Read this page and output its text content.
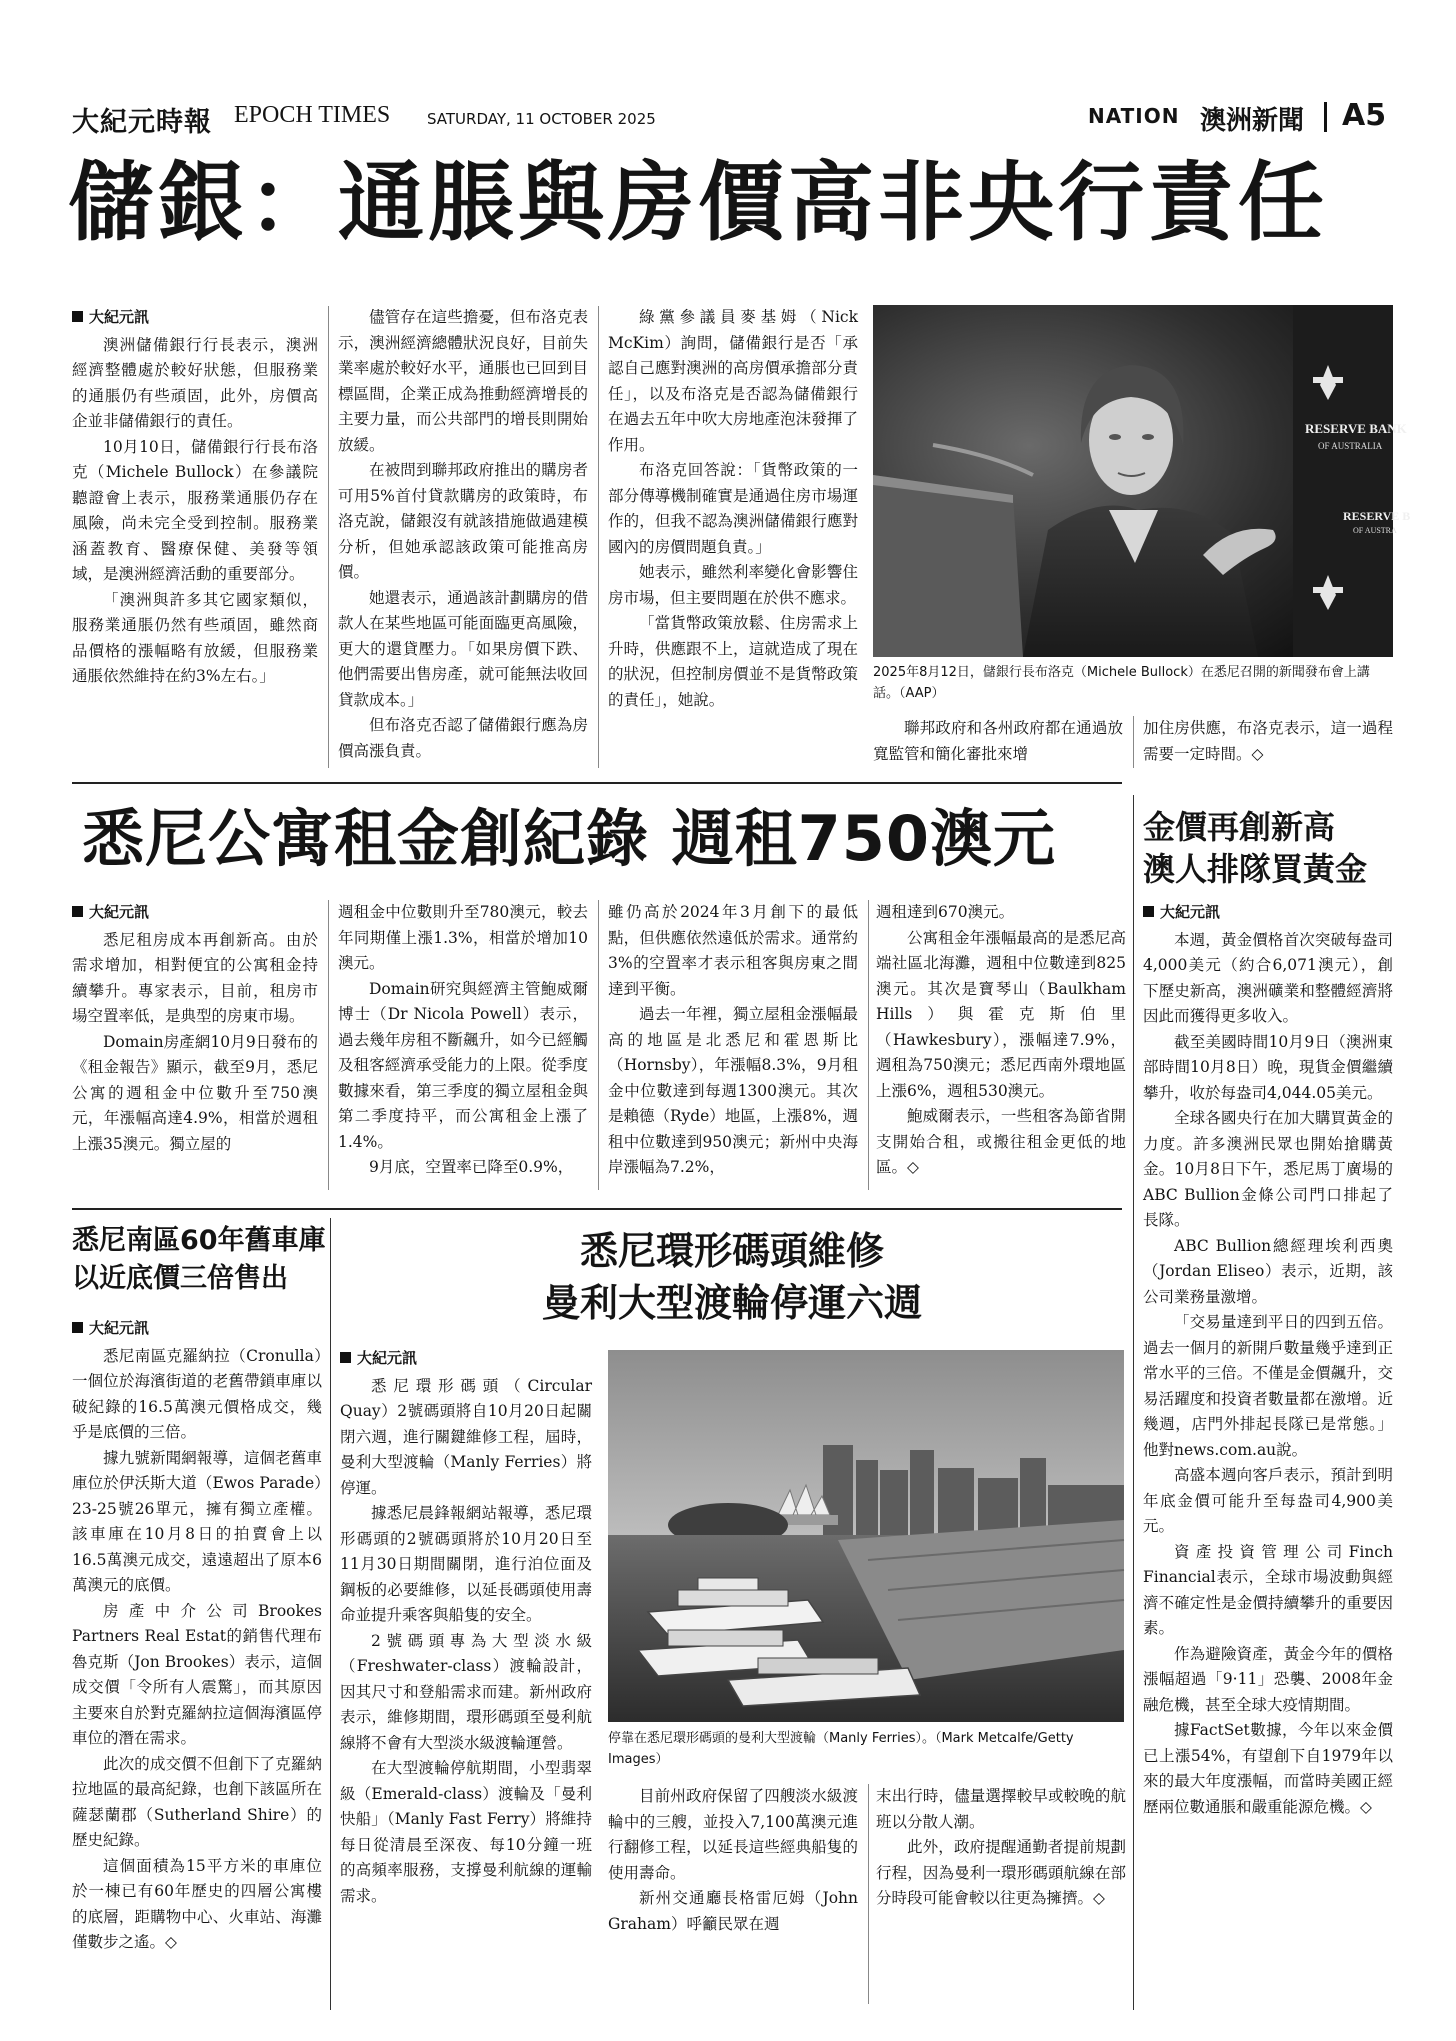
大紀元時報 EPOCH TIMES SATURDAY, 11 OCTOBER 2025	NATION 澳洲新聞 A5
儲銀：通脹與房價高非央行責任
大紀元訊

澳洲儲備銀行行長表示，澳洲經濟整體處於較好狀態，但服務業的通脹仍有些頑固，此外，房價高企並非儲備銀行的責任。

10月10日，儲備銀行行長布洛克（Michele Bullock）在參議院聽證會上表示，服務業通脹仍存在風險，尚未完全受到控制。服務業涵蓋教育、醫療保健、美發等領域，是澳洲經濟活動的重要部分。

「澳洲與許多其它國家類似，服務業通脹仍然有些頑固，雖然商品價格的漲幅略有放緩，但服務業通脹依然維持在約3%左右。」

儘管存在這些擔憂，但布洛克表示，澳洲經濟總體狀況良好，目前失業率處於較好水平，通脹也已回到目標區間，企業正成為推動經濟增長的主要力量，而公共部門的增長則開始放緩。

在被問到聯邦政府推出的購房者可用5%首付貸款購房的政策時，布洛克說，儲銀沒有就該措施做過建模分析，但她承認該政策可能推高房價。

她還表示，通過該計劃購房的借款人在某些地區可能面臨更高風險，更大的還貸壓力。「如果房價下跌、他們需要出售房產，就可能無法收回貸款成本。」

但布洛克否認了儲備銀行應為房價高漲負責。

綠黨參議員麥基姆（Nick McKim）詢問，儲備銀行是否「承認自己應對澳洲的高房價承擔部分責任」，以及布洛克是否認為儲備銀行在過去五年中吹大房地產泡沫發揮了作用。

布洛克回答說：「貨幣政策的一部分傳導機制確實是通過住房市場運作的，但我不認為澳洲儲備銀行應對國內的房價問題負責。」

她表示，雖然利率變化會影響住房市場，但主要問題在於供不應求。

「當貨幣政策放鬆、住房需求上升時，供應跟不上，這就造成了現在的狀況，但控制房價並不是貨幣政策的責任」，她說。

RESERVE BANK
OF AUSTRALIA
RESERVE B
OF AUSTRA
2025年8月12日，儲銀行長布洛克（Michele Bullock）在悉尼召開的新聞發布會上講話。（AAP）

聯邦政府和各州政府都在通過放寬監管和簡化審批來增

加住房供應，布洛克表示，這一過程需要一定時間。◇

悉尼公寓租金創紀錄 週租750澳元
大紀元訊

悉尼租房成本再創新高。由於需求增加，相對便宜的公寓租金持續攀升。專家表示，目前，租房市場空置率低，是典型的房東市場。

Domain房產網10月9日發布的《租金報告》顯示，截至9月，悉尼公寓的週租金中位數升至750澳元，年漲幅高達4.9%，相當於週租上漲35澳元。獨立屋的

週租金中位數則升至780澳元，較去年同期僅上漲1.3%，相當於增加10澳元。

Domain研究與經濟主管鮑威爾博士（Dr Nicola Powell）表示，過去幾年房租不斷飆升，如今已經觸及租客經濟承受能力的上限。從季度數據來看，第三季度的獨立屋租金與第二季度持平，而公寓租金上漲了1.4%。

9月底，空置率已降至0.9%，

雖仍高於2024年3月創下的最低點，但供應依然遠低於需求。通常約3%的空置率才表示租客與房東之間達到平衡。

過去一年裡，獨立屋租金漲幅最高的地區是北悉尼和霍恩斯比（Hornsby），年漲幅8.3%，9月租金中位數達到每週1300澳元。其次是賴德（Ryde）地區，上漲8%，週租中位數達到950澳元；新州中央海岸漲幅為7.2%，

週租達到670澳元。

公寓租金年漲幅最高的是悉尼高端社區北海灘，週租中位數達到825澳元。其次是寶琴山（Baulkham Hills）與霍克斯伯里（Hawkesbury），漲幅達7.9%，週租為750澳元；悉尼西南外環地區上漲6%，週租530澳元。

鮑威爾表示，一些租客為節省開支開始合租，或搬往租金更低的地區。◇

金價再創新高
澳人排隊買黃金
大紀元訊

本週，黃金價格首次突破每盎司4,000美元（約合6,071澳元），創下歷史新高，澳洲礦業和整體經濟將因此而獲得更多收入。

截至美國時間10月9日（澳洲東部時間10月8日）晚，現貨金價繼續攀升，收於每盎司4,044.05美元。

全球各國央行在加大購買黃金的力度。許多澳洲民眾也開始搶購黃金。10月8日下午，悉尼馬丁廣場的ABC Bullion金條公司門口排起了長隊。

ABC Bullion總經理埃利西奧（Jordan Eliseo）表示，近期，該公司業務量激增。

「交易量達到平日的四到五倍。過去一個月的新開戶數量幾乎達到正常水平的三倍。不僅是金價飆升，交易活躍度和投資者數量都在激增。近幾週，店門外排起長隊已是常態。」他對news.com.au說。

高盛本週向客戶表示，預計到明年底金價可能升至每盎司4,900美元。

資產投資管理公司Finch Financial表示，全球市場波動與經濟不確定性是金價持續攀升的重要因素。

作為避險資產，黃金今年的價格漲幅超過「9·11」恐襲、2008年金融危機，甚至全球大疫情期間。

據FactSet數據，今年以來金價已上漲54%，有望創下自1979年以來的最大年度漲幅，而當時美國正經歷兩位數通脹和嚴重能源危機。◇

悉尼南區60年舊車庫
以近底價三倍售出
大紀元訊

悉尼南區克羅納拉（Cronulla）一個位於海濱街道的老舊帶鎖車庫以破紀錄的16.5萬澳元價格成交，幾乎是底價的三倍。

據九號新聞網報導，這個老舊車庫位於伊沃斯大道（Ewos Parade）23-25號26單元，擁有獨立產權。該車庫在10月8日的拍賣會上以16.5萬澳元成交，遠遠超出了原本6萬澳元的底價。

房產中介公司Brookes Partners Real Estat的銷售代理布魯克斯（Jon Brookes）表示，這個成交價「令所有人震驚」，而其原因主要來自於對克羅納拉這個海濱區停車位的潛在需求。

此次的成交價不但創下了克羅納拉地區的最高紀錄，也創下該區所在薩瑟蘭郡（Sutherland Shire）的歷史紀錄。

這個面積為15平方米的車庫位於一棟已有60年歷史的四層公寓樓的底層，距購物中心、火車站、海灘僅數步之遙。◇

悉尼環形碼頭維修
曼利大型渡輪停運六週
大紀元訊

悉尼環形碼頭（Circular Quay）2號碼頭將自10月20日起關閉六週，進行關鍵維修工程，屆時，曼利大型渡輪（Manly Ferries）將停運。

據悉尼晨鋒報網站報導，悉尼環形碼頭的2號碼頭將於10月20日至11月30日期間關閉，進行泊位面及鋼板的必要維修，以延長碼頭使用壽命並提升乘客與船隻的安全。

2號碼頭專為大型淡水級（Freshwater-class）渡輪設計，因其尺寸和登船需求而建。新州政府表示，維修期間，環形碼頭至曼利航線將不會有大型淡水級渡輪運營。

在大型渡輪停航期間，小型翡翠級（Emerald-class）渡輪及「曼利快船」（Manly Fast Ferry）將維持每日從清晨至深夜、每10分鐘一班的高頻率服務，支撐曼利航線的運輸需求。

停靠在悉尼環形碼頭的曼利大型渡輪（Manly Ferries）。（Mark Metcalfe/Getty Images）

目前州政府保留了四艘淡水級渡輪中的三艘，並投入7,100萬澳元進行翻修工程，以延長這些經典船隻的使用壽命。

新州交通廳長格雷厄姆（John Graham）呼籲民眾在週

末出行時，儘量選擇較早或較晚的航班以分散人潮。

此外，政府提醒通勤者提前規劃行程，因為曼利一環形碼頭航線在部分時段可能會較以往更為擁擠。◇
